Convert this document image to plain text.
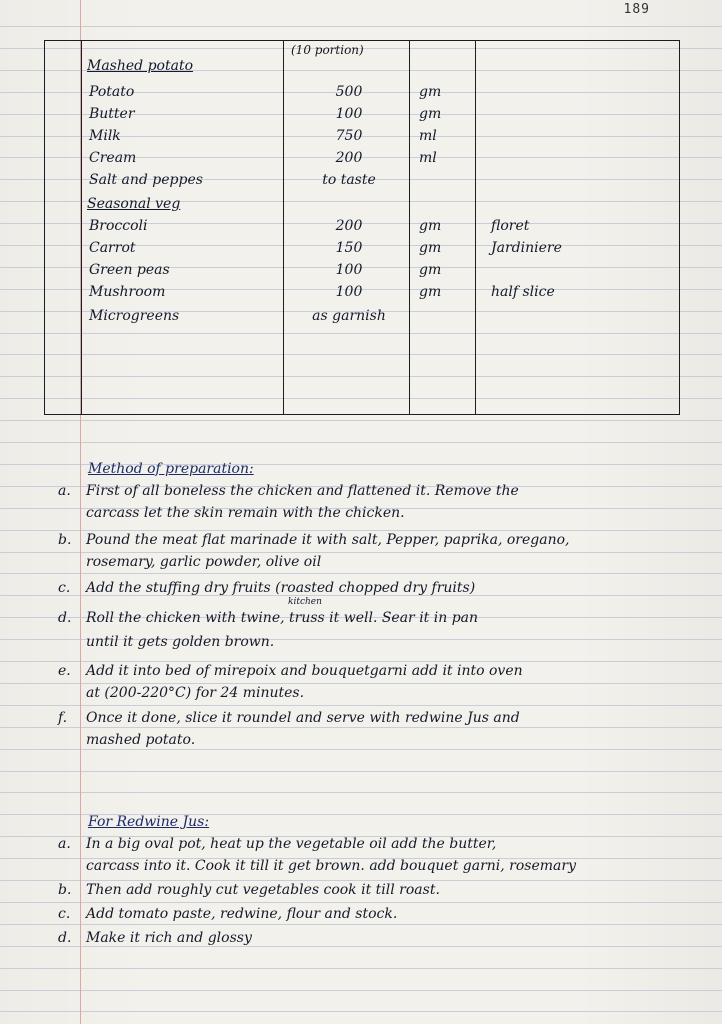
189
(10 portion)
Mashed potato
Potato	500	gm
Butter	100	gm
Milk	750	ml
Cream	200	ml
Salt and peppes	to taste
Seasonal veg
Broccoli	200	gm	floret
Carrot	150	gm	Jardiniere
Green peas	100	gm
Mushroom	100	gm	half slice
Microgreens	as garnish
Method of preparation:
a. First of all boneless the chicken and flattened it. Remove the
carcass let the skin remain with the chicken.
b. Pound the meat flat marinade it with salt, Pepper, paprika, oregano,
rosemary, garlic powder, olive oil
c. Add the stuffing dry fruits (roasted chopped dry fruits)
d. Roll the chicken with twine, truss it well. Sear it in pan
until it gets golden brown.
e. Add it into bed of mirepoix and bouquetgarni add it into oven
at (200-220°C) for 24 minutes.
f. Once it done, slice it roundel and serve with redwine Jus and
mashed potato.
kitchen
For Redwine Jus:
a. In a big oval pot, heat up the vegetable oil add the butter,
carcass into it. Cook it till it get brown. add bouquet garni, rosemary
b. Then add roughly cut vegetables cook it till roast.
c. Add tomato paste, redwine, flour and stock.
d. Make it rich and glossy
